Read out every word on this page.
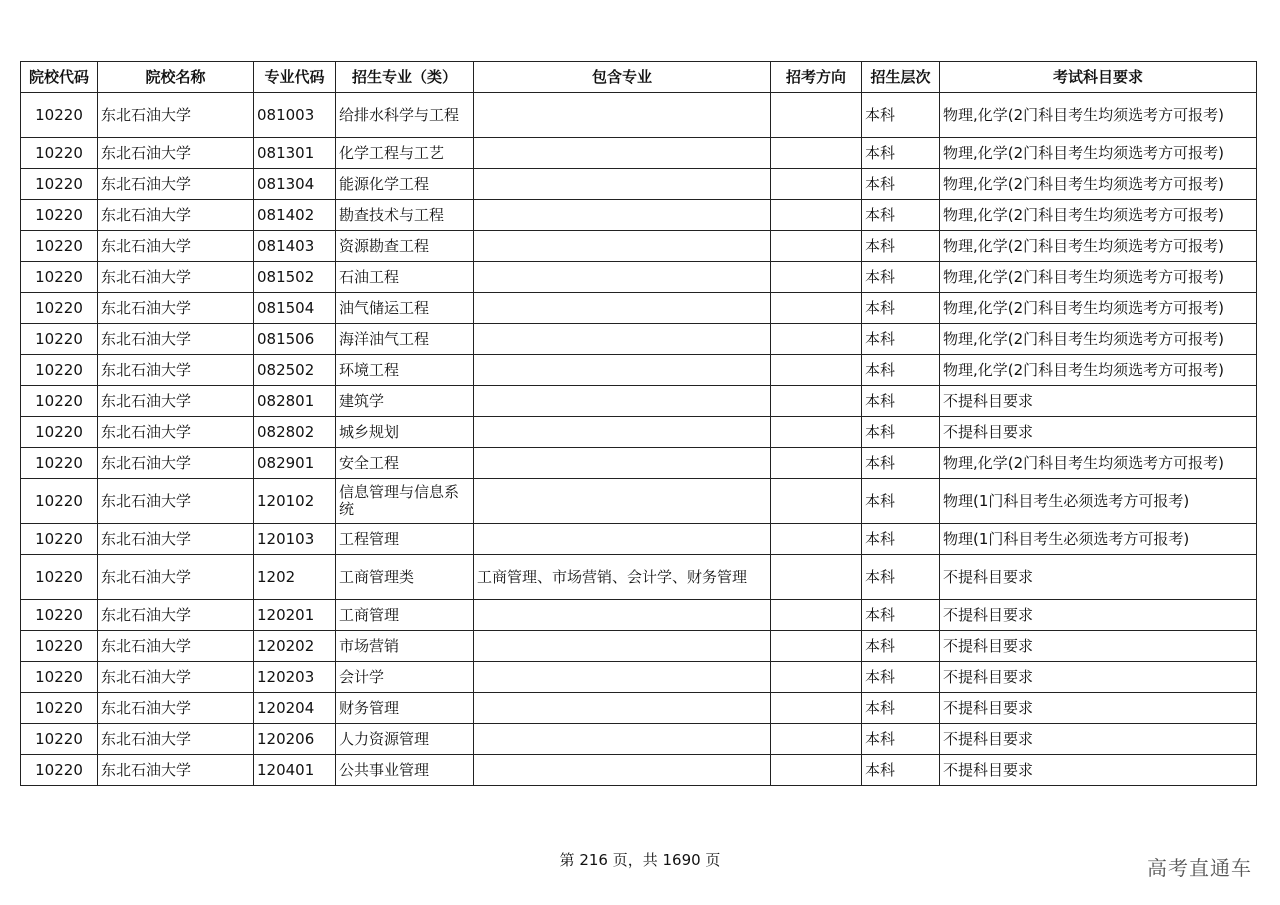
院校代码	院校名称	专业代码	招生专业（类）	包含专业	招考方向	招生层次	考试科目要求
10220	东北石油大学	081003	给排水科学与工程			本科	物理,化学(2门科目考生均须选考方可报考)
10220	东北石油大学	081301	化学工程与工艺			本科	物理,化学(2门科目考生均须选考方可报考)
10220	东北石油大学	081304	能源化学工程			本科	物理,化学(2门科目考生均须选考方可报考)
10220	东北石油大学	081402	勘查技术与工程			本科	物理,化学(2门科目考生均须选考方可报考)
10220	东北石油大学	081403	资源勘查工程			本科	物理,化学(2门科目考生均须选考方可报考)
10220	东北石油大学	081502	石油工程			本科	物理,化学(2门科目考生均须选考方可报考)
10220	东北石油大学	081504	油气储运工程			本科	物理,化学(2门科目考生均须选考方可报考)
10220	东北石油大学	081506	海洋油气工程			本科	物理,化学(2门科目考生均须选考方可报考)
10220	东北石油大学	082502	环境工程			本科	物理,化学(2门科目考生均须选考方可报考)
10220	东北石油大学	082801	建筑学			本科	不提科目要求
10220	东北石油大学	082802	城乡规划			本科	不提科目要求
10220	东北石油大学	082901	安全工程			本科	物理,化学(2门科目考生均须选考方可报考)
10220	东北石油大学	120102	信息管理与信息系统			本科	物理(1门科目考生必须选考方可报考)
10220	东北石油大学	120103	工程管理			本科	物理(1门科目考生必须选考方可报考)
10220	东北石油大学	1202	工商管理类	工商管理、市场营销、会计学、财务管理		本科	不提科目要求
10220	东北石油大学	120201	工商管理			本科	不提科目要求
10220	东北石油大学	120202	市场营销			本科	不提科目要求
10220	东北石油大学	120203	会计学			本科	不提科目要求
10220	东北石油大学	120204	财务管理			本科	不提科目要求
10220	东北石油大学	120206	人力资源管理			本科	不提科目要求
10220	东北石油大学	120401	公共事业管理			本科	不提科目要求
第 216 页，共 1690 页	高考直通车
